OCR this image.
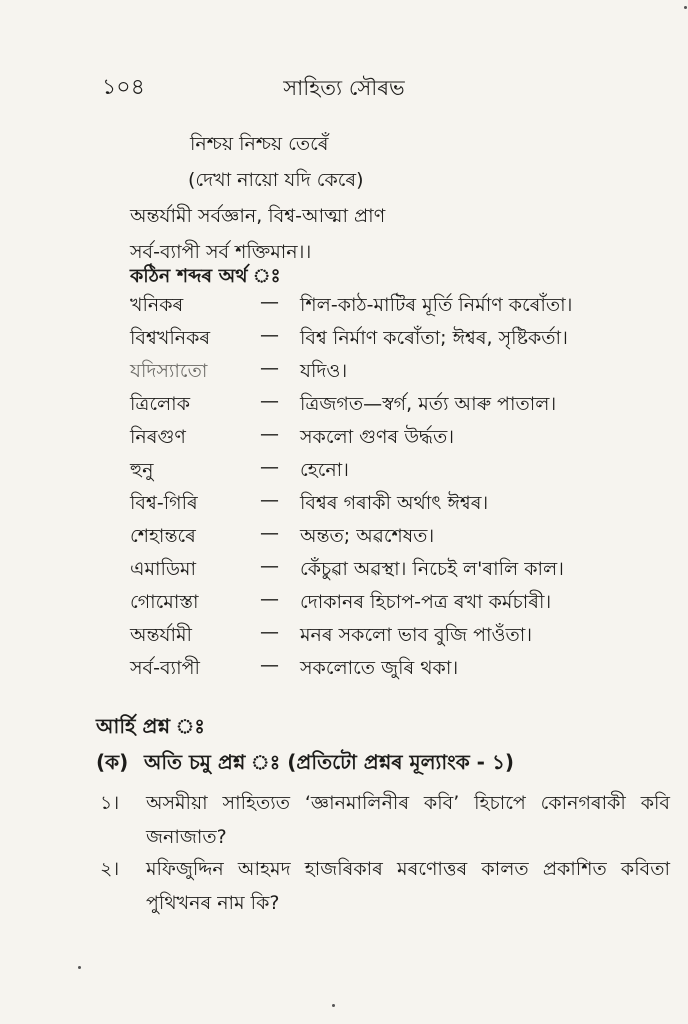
১০৪	সাহিত্য সৌৰভ
নিশ্চয় নিশ্চয় তেৰেঁ
(দেখা নায়ো যদি কেৰে)
অন্তৰ্যামী সৰ্বজ্ঞান, বিশ্ব-আত্মা প্ৰাণ
সৰ্ব-ব্যাপী সৰ্ব শক্তিমান।।
কঠিন শব্দৰ অৰ্থ ঃ
খনিকৰ	— শিল-কাঠ-মাটিৰ মূৰ্তি নিৰ্মাণ কৰোঁতা।
বিশ্বখনিকৰ	— বিশ্ব নিৰ্মাণ কৰোঁতা; ঈশ্বৰ, সৃষ্টিকৰ্তা।
যদিস্যাতো	— যদিও।
ত্ৰিলোক	— ত্ৰিজগত—স্বৰ্গ, মৰ্ত্য আৰু পাতাল।
নিৰগুণ	— সকলো গুণৰ উৰ্দ্ধত।
হুনু	— হেনো।
বিশ্ব-গিৰি	— বিশ্বৰ গৰাকী অৰ্থাৎ ঈশ্বৰ।
শেহান্তৰে	— অন্তত; অৱশেষত।
এমাডিমা	— কেঁচুৱা অৱস্থা। নিচেই ল'ৰালি কাল।
গোমোস্তা	— দোকানৰ হিচাপ-পত্ৰ ৰখা কৰ্মচাৰী।
অন্তৰ্যামী	— মনৰ সকলো ভাব বুজি পাওঁতা।
সৰ্ব-ব্যাপী	— সকলোতে জুৰি থকা।
আৰ্হি প্ৰশ্ন ঃ
(ক) অতি চমু প্ৰশ্ন ঃ (প্ৰতিটো প্ৰশ্নৰ মূল্যাংক - ১)
১। অসমীয়া সাহিত্যত ‘জ্ঞানমালিনীৰ কবি’ হিচাপে কোনগৰাকী কবি জনাজাত?
২। মফিজুদ্দিন আহমদ হাজৰিকাৰ মৰণোত্তৰ কালত প্ৰকাশিত কবিতা পুথিখনৰ নাম কি?
